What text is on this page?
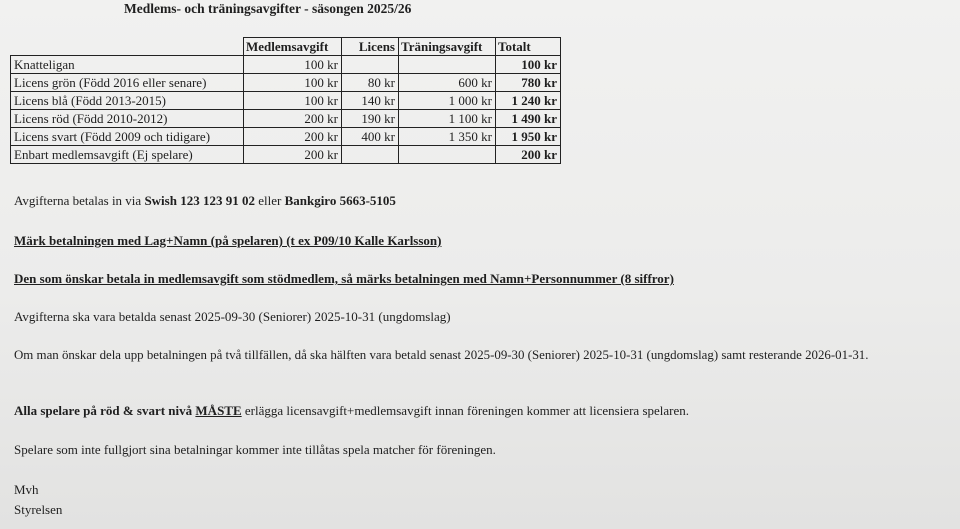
Medlems- och träningsavgifter - säsongen 2025/26
	Medlemsavgift	Licens	Träningsavgift	Totalt
Knatteligan	100 kr			100 kr
Licens grön (Född 2016 eller senare)	100 kr	80 kr	600 kr	780 kr
Licens blå (Född 2013-2015)	100 kr	140 kr	1 000 kr	1 240 kr
Licens röd (Född 2010-2012)	200 kr	190 kr	1 100 kr	1 490 kr
Licens svart (Född 2009 och tidigare)	200 kr	400 kr	1 350 kr	1 950 kr
Enbart medlemsavgift (Ej spelare)	200 kr			200 kr
Avgifterna betalas in via Swish 123 123 91 02 eller Bankgiro 5663-5105
Märk betalningen med Lag+Namn (på spelaren) (t ex P09/10 Kalle Karlsson)
Den som önskar betala in medlemsavgift som stödmedlem, så märks betalningen med Namn+Personnummer (8 siffror)
Avgifterna ska vara betalda senast 2025-09-30 (Seniorer) 2025-10-31 (ungdomslag)
Om man önskar dela upp betalningen på två tillfällen, då ska hälften vara betald senast 2025-09-30 (Seniorer) 2025-10-31 (ungdomslag) samt resterande 2026-01-31.
Alla spelare på röd & svart nivå MÅSTE erlägga licensavgift+medlemsavgift innan föreningen kommer att licensiera spelaren.
Spelare som inte fullgjort sina betalningar kommer inte tillåtas spela matcher för föreningen.
Mvh
Styrelsen
